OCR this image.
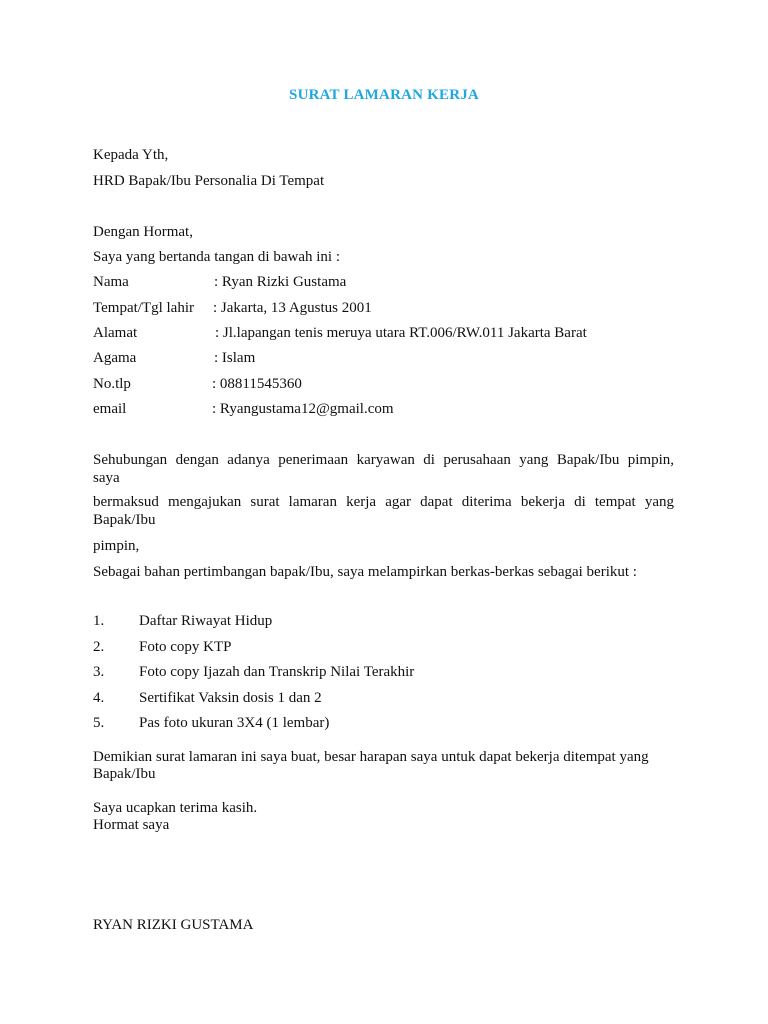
SURAT LAMARAN KERJA
Kepada Yth,
HRD Bapak/Ibu Personalia Di Tempat
Dengan Hormat,
Saya yang bertanda tangan di bawah ini :
Nama	: Ryan Rizki Gustama
Tempat/Tgl lahir : Jakarta, 13 Agustus 2001
Alamat	: Jl.lapangan tenis meruya utara RT.006/RW.011 Jakarta Barat
Agama	: Islam
No.tlp	: 08811545360
email	: Ryangustama12@gmail.com
Sehubungan dengan adanya penerimaan karyawan di perusahaan yang Bapak/Ibu pimpin,
saya
bermaksud mengajukan surat lamaran kerja agar dapat diterima bekerja di tempat yang
Bapak/Ibu
pimpin,
Sebagai bahan pertimbangan bapak/Ibu, saya melampirkan berkas-berkas sebagai berikut :
1. Daftar Riwayat Hidup
2. Foto copy KTP
3. Foto copy Ijazah dan Transkrip Nilai Terakhir
4. Sertifikat Vaksin dosis 1 dan 2
5. Pas foto ukuran 3X4 (1 lembar)
Demikian surat lamaran ini saya buat, besar harapan saya untuk dapat bekerja ditempat yang
Bapak/Ibu
Saya ucapkan terima kasih.
Hormat saya
RYAN RIZKI GUSTAMA
